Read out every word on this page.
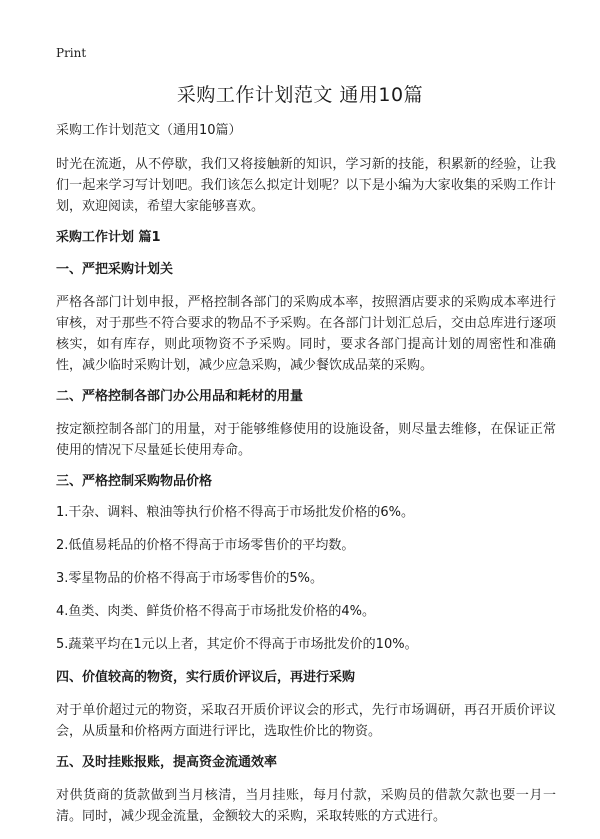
Print
采购工作计划范文 通用10篇

采购工作计划范文（通用10篇）

时光在流逝，从不停歇，我们又将接触新的知识，学习新的技能，积累新的经验，让我们一起来学习写计划吧。我们该怎么拟定计划呢？以下是小编为大家收集的采购工作计划，欢迎阅读，希望大家能够喜欢。

采购工作计划 篇1
一、严把采购计划关

严格各部门计划申报，严格控制各部门的采购成本率，按照酒店要求的采购成本率进行审核，对于那些不符合要求的物品不予采购。在各部门计划汇总后，交由总库进行逐项核实，如有库存，则此项物资不予采购。同时，要求各部门提高计划的周密性和准确性，减少临时采购计划，减少应急采购，减少餐饮成品菜的采购。

二、严格控制各部门办公用品和耗材的用量

按定额控制各部门的用量，对于能够维修使用的设施设备，则尽量去维修，在保证正常使用的情况下尽量延长使用寿命。

三、严格控制采购物品价格
1.干杂、调料、粮油等执行价格不得高于市场批发价格的6%。
2.低值易耗品的价格不得高于市场零售价的平均数。
3.零星物品的价格不得高于市场零售价的5%。
4.鱼类、肉类、鲜货价格不得高于市场批发价格的4%。
5.蔬菜平均在1元以上者，其定价不得高于市场批发价的10%。
四、价值较高的物资，实行质价评议后，再进行采购

对于单价超过元的物资，采取召开质价评议会的形式，先行市场调研，再召开质价评议会，从质量和价格两方面进行评比，选取性价比的物资。

五、及时挂账报账，提高资金流通效率

对供货商的货款做到当月核清，当月挂账，每月付款，采购员的借款欠款也要一月一清。同时，减少现金流量，金额较大的采购，采取转账的方式进行。
